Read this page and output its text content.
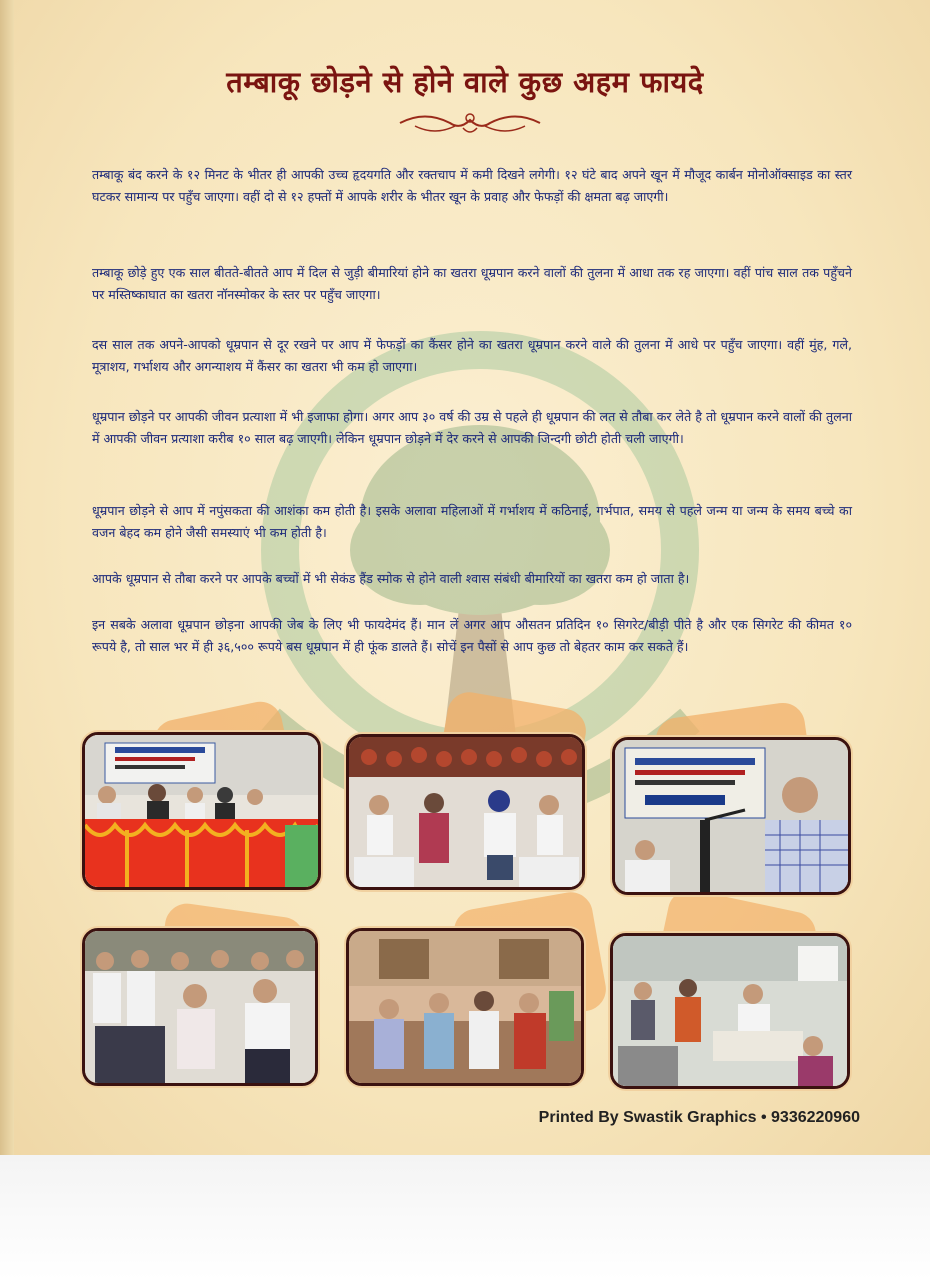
तम्बाकू छोड़ने से होने वाले कुछ अहम फायदे
तम्बाकू बंद करने के १२ मिनट के भीतर ही आपकी उच्च हृदयगति और रक्तचाप में कमी दिखने लगेगी। १२ घंटे बाद अपने खून में मौजूद कार्बन मोनोऑक्साइड का स्तर घटकर सामान्य पर पहुँच जाएगा। वहीं दो से १२ हफ्तों में आपके शरीर के भीतर खून के प्रवाह और फेफड़ों की क्षमता बढ़ जाएगी।
तम्बाकू छोड़े हुए एक साल बीतते-बीतते आप में दिल से जुड़ी बीमारियां होने का खतरा धूम्रपान करने वालों की तुलना में आधा तक रह जाएगा। वहीं पांच साल तक पहुँचने पर मस्तिष्काघात का खतरा नॉनस्मोकर के स्तर पर पहुँच जाएगा।
दस साल तक अपने-आपको धूम्रपान से दूर रखने पर आप में फेफड़ों का कैंसर होने का खतरा धूम्रपान करने वाले की तुलना में आधे पर पहुँच जाएगा। वहीं मुंह, गले, मूत्राशय, गर्भाशय और अगन्याशय में कैंसर का खतरा भी कम हो जाएगा।
धूम्रपान छोड़ने पर आपकी जीवन प्रत्याशा में भी इजाफा होगा। अगर आप ३० वर्ष की उम्र से पहले ही धूम्रपान की लत से तौबा कर लेते है तो धूम्रपान करने वालों की तुलना में आपकी जीवन प्रत्याशा करीब १० साल बढ़ जाएगी। लेकिन धूम्रपान छोड़ने में देर करने से आपकी जिन्दगी छोटी होती चली जाएगी।
धूम्रपान छोड़ने से आप में नपुंसकता की आशंका कम होती है। इसके अलावा महिलाओं में गर्भाशय में कठिनाई, गर्भपात, समय से पहले जन्म या जन्म के समय बच्चे का वजन बेहद कम होने जैसी समस्याएं भी कम होती है।
आपके धूम्रपान से तौबा करने पर आपके बच्चों में भी सेकंड हैंड स्मोक से होने वाली श्वास संबंधी बीमारियों का खतरा कम हो जाता है।
इन सबके अलावा धूम्रपान छोड़ना आपकी जेब के लिए भी फायदेमंद हैं। मान लें अगर आप औसतन प्रतिदिन १० सिगरेट/बीड़ी पीते है और एक सिगरेट की कीमत १० रूपये है, तो साल भर में ही ३६,५०० रूपये बस धूम्रपान में ही फूंक डालते हैं। सोचें इन पैसों से आप कुछ तो बेहतर काम कर सकते हैं।
Printed By Swastik Graphics • 9336220960
